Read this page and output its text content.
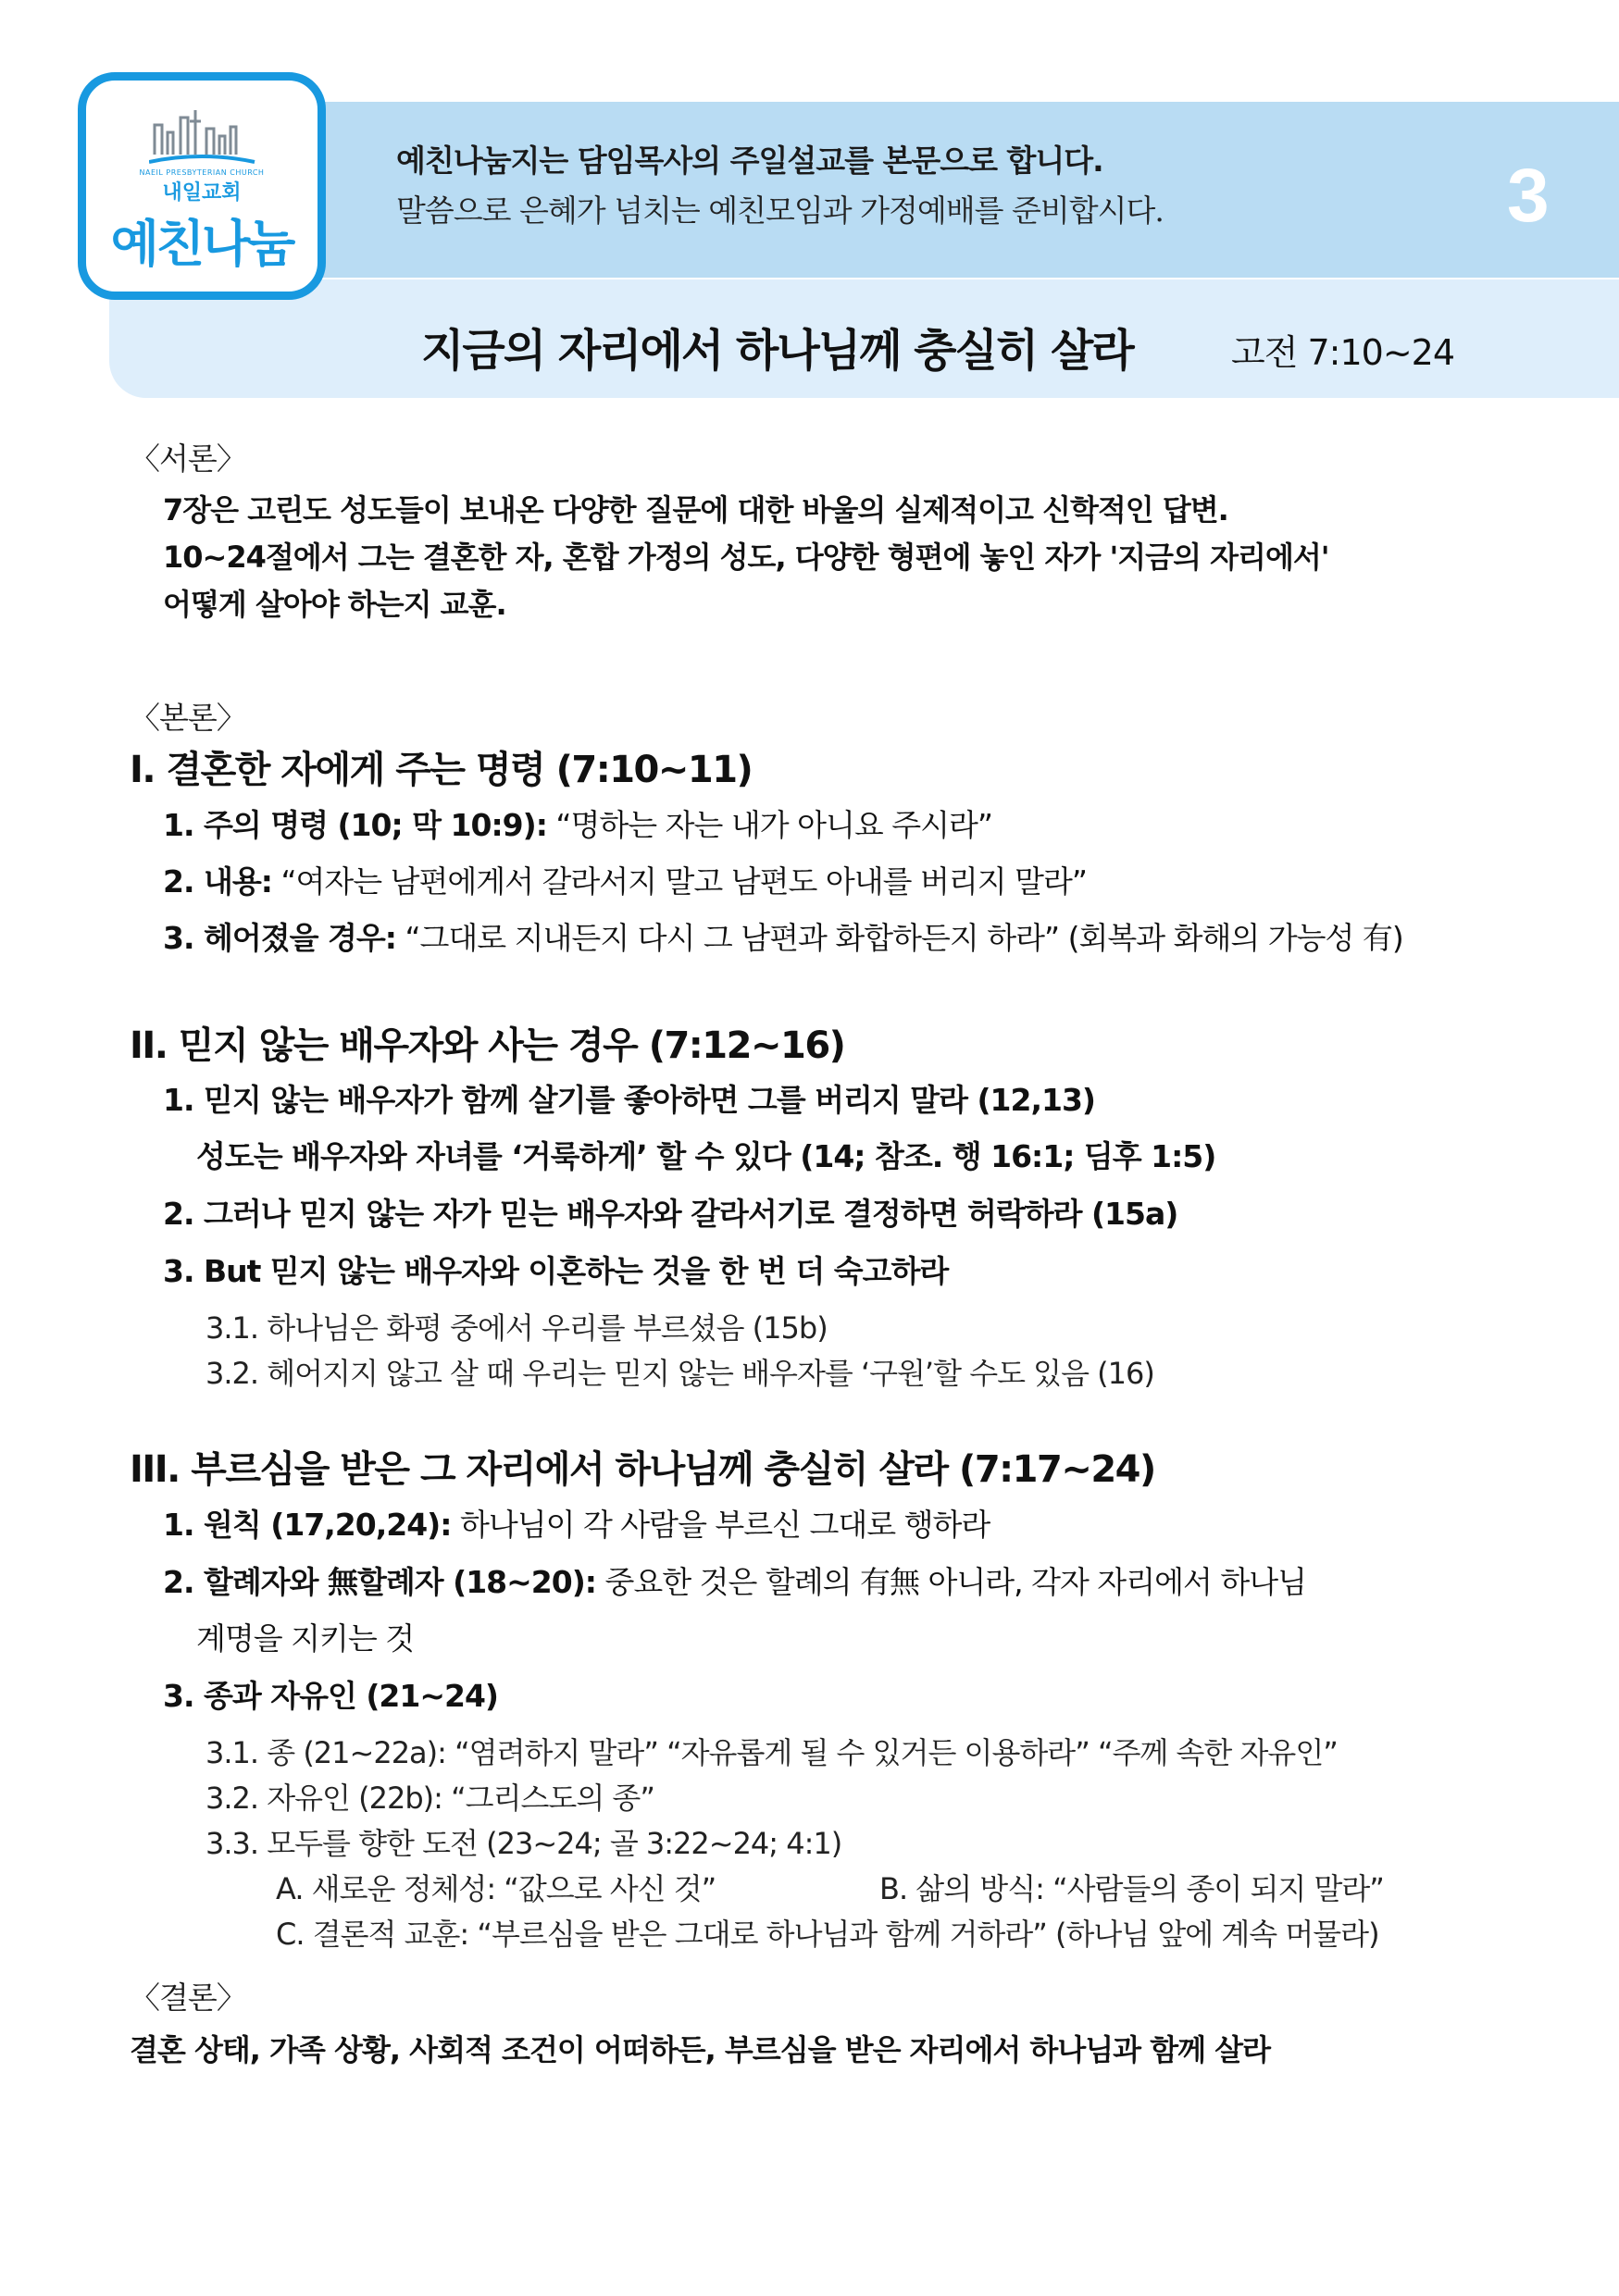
NAEIL PRESBYTERIAN CHURCH
내일교회
예친나눔
예친나눔지는 담임목사의 주일설교를 본문으로 합니다.
말씀으로 은혜가 넘치는 예친모임과 가정예배를 준비합시다.	3
지금의 자리에서 하나님께 충실히 살라	고전 7:10~24
〈서론〉
7장은 고린도 성도들이 보내온 다양한 질문에 대한 바울의 실제적이고 신학적인 답변.
10~24절에서 그는 결혼한 자, 혼합 가정의 성도, 다양한 형편에 놓인 자가 '지금의 자리에서'
어떻게 살아야 하는지 교훈.
〈본론〉
I. 결혼한 자에게 주는 명령 (7:10~11)
1. 주의 명령 (10; 막 10:9): “명하는 자는 내가 아니요 주시라”
2. 내용: “여자는 남편에게서 갈라서지 말고 남편도 아내를 버리지 말라”
3. 헤어졌을 경우: “그대로 지내든지 다시 그 남편과 화합하든지 하라” (회복과 화해의 가능성 有)
II. 믿지 않는 배우자와 사는 경우 (7:12~16)
1. 믿지 않는 배우자가 함께 살기를 좋아하면 그를 버리지 말라 (12,13)
성도는 배우자와 자녀를 ‘거룩하게’ 할 수 있다 (14; 참조. 행 16:1; 딤후 1:5)
2. 그러나 믿지 않는 자가 믿는 배우자와 갈라서기로 결정하면 허락하라 (15a)
3. But 믿지 않는 배우자와 이혼하는 것을 한 번 더 숙고하라
3.1. 하나님은 화평 중에서 우리를 부르셨음 (15b)
3.2. 헤어지지 않고 살 때 우리는 믿지 않는 배우자를 ‘구원’할 수도 있음 (16)
III. 부르심을 받은 그 자리에서 하나님께 충실히 살라 (7:17~24)
1. 원칙 (17,20,24): 하나님이 각 사람을 부르신 그대로 행하라
2. 할례자와 無할례자 (18~20): 중요한 것은 할례의 有無 아니라, 각자 자리에서 하나님
계명을 지키는 것
3. 종과 자유인 (21~24)
3.1. 종 (21~22a): “염려하지 말라” “자유롭게 될 수 있거든 이용하라” “주께 속한 자유인”
3.2. 자유인 (22b): “그리스도의 종”
3.3. 모두를 향한 도전 (23~24; 골 3:22~24; 4:1)
A. 새로운 정체성: “값으로 사신 것”	B. 삶의 방식: “사람들의 종이 되지 말라”
C. 결론적 교훈: “부르심을 받은 그대로 하나님과 함께 거하라” (하나님 앞에 계속 머물라)
〈결론〉
결혼 상태, 가족 상황, 사회적 조건이 어떠하든, 부르심을 받은 자리에서 하나님과 함께 살라
